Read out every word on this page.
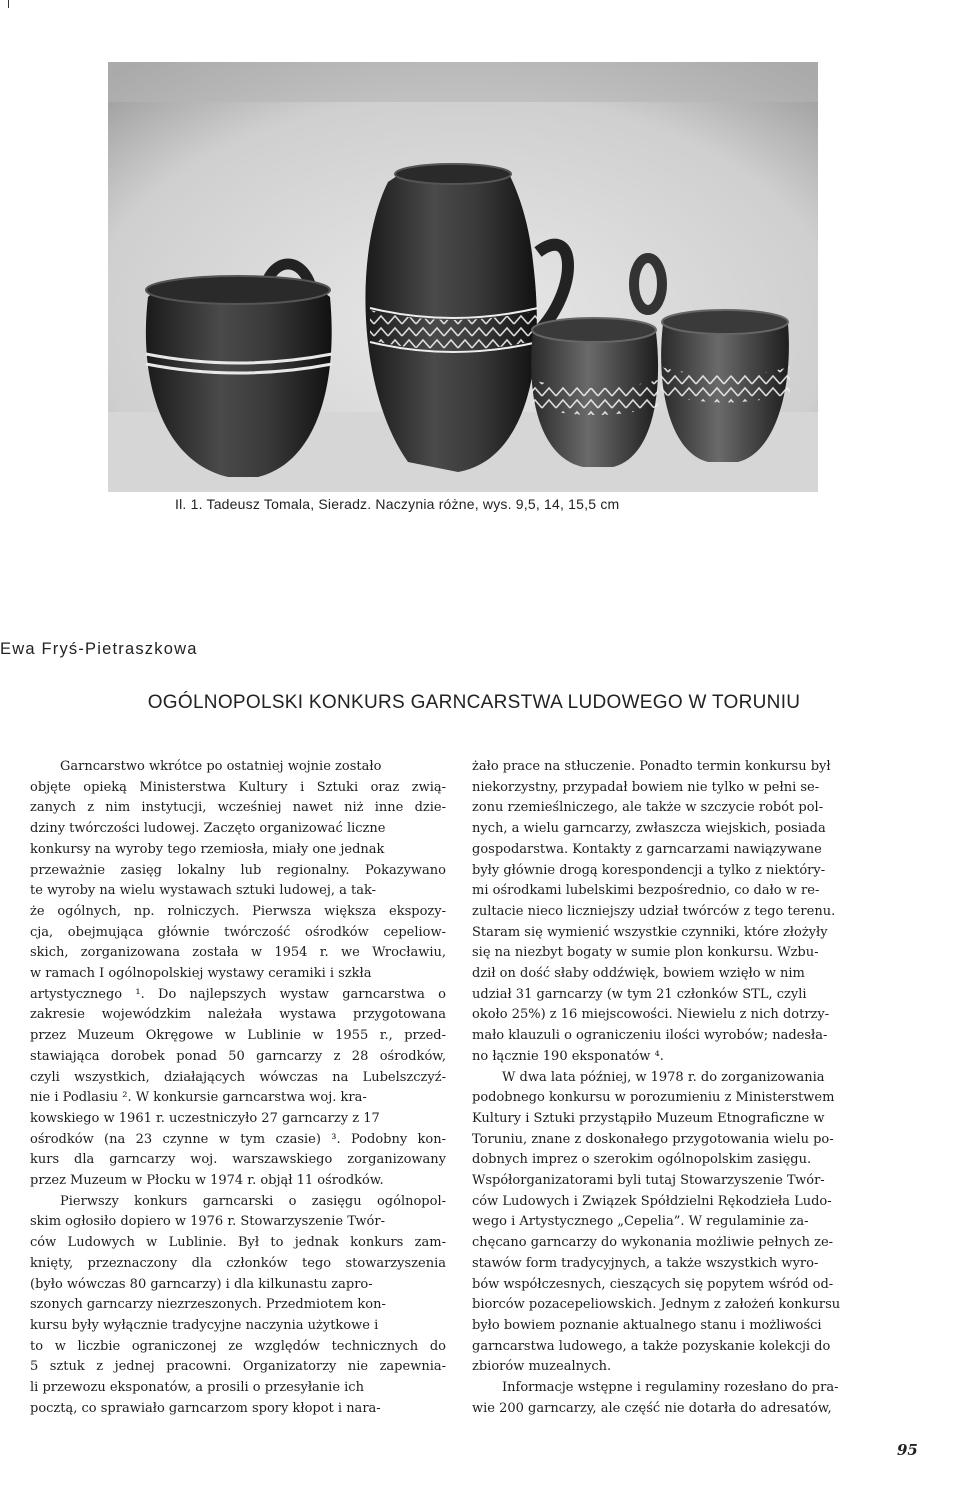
Il. 1. Tadeusz Tomala, Sieradz. Naczynia różne, wys. 9,5, 14, 15,5 cm
Ewa Fryś-Pietraszkowa
OGÓLNOPOLSKI KONKURS GARNCARSTWA LUDOWEGO W TORUNIU
Garncarstwo wkrótce po ostatniej wojnie zostało
objęte opieką Ministerstwa Kultury i Sztuki oraz zwią-
zanych z nim instytucji, wcześniej nawet niż inne dzie-
dziny twórczości ludowej. Zaczęto organizować liczne
konkursy na wyroby tego rzemiosła, miały one jednak
przeważnie zasięg lokalny lub regionalny. Pokazywano
te wyroby na wielu wystawach sztuki ludowej, a tak-
że ogólnych, np. rolniczych. Pierwsza większa ekspozy-
cja, obejmująca głównie twórczość ośrodków cepeliow-
skich, zorganizowana została w 1954 r. we Wrocławiu,
w ramach I ogólnopolskiej wystawy ceramiki i szkła
artystycznego ¹. Do najlepszych wystaw garncarstwa o
zakresie wojewódzkim należała wystawa przygotowana
przez Muzeum Okręgowe w Lublinie w 1955 r., przed-
stawiająca dorobek ponad 50 garncarzy z 28 ośrodków,
czyli wszystkich, działających wówczas na Lubelszczyź-
nie i Podlasiu ². W konkursie garncarstwa woj. kra-
kowskiego w 1961 r. uczestniczyło 27 garncarzy z 17
ośrodków (na 23 czynne w tym czasie) ³. Podobny kon-
kurs dla garncarzy woj. warszawskiego zorganizowany
przez Muzeum w Płocku w 1974 r. objął 11 ośrodków.
Pierwszy konkurs garncarski o zasięgu ogólnopol-
skim ogłosiło dopiero w 1976 r. Stowarzyszenie Twór-
ców Ludowych w Lublinie. Był to jednak konkurs zam-
knięty, przeznaczony dla członków tego stowarzyszenia
(było wówczas 80 garncarzy) i dla kilkunastu zapro-
szonych garncarzy niezrzeszonych. Przedmiotem kon-
kursu były wyłącznie tradycyjne naczynia użytkowe i
to w liczbie ograniczonej ze względów technicznych do
5 sztuk z jednej pracowni. Organizatorzy nie zapewnia-
li przewozu eksponatów, a prosili o przesyłanie ich
pocztą, co sprawiało garncarzom spory kłopot i nara-
żało prace na stłuczenie. Ponadto termin konkursu był
niekorzystny, przypadał bowiem nie tylko w pełni se-
zonu rzemieślniczego, ale także w szczycie robót pol-
nych, a wielu garncarzy, zwłaszcza wiejskich, posiada
gospodarstwa. Kontakty z garncarzami nawiązywane
były głównie drogą korespondencji a tylko z niektóry-
mi ośrodkami lubelskimi bezpośrednio, co dało w re-
zultacie nieco liczniejszy udział twórców z tego terenu.
Staram się wymienić wszystkie czynniki, które złożyły
się na niezbyt bogaty w sumie plon konkursu. Wzbu-
dził on dość słaby oddźwięk, bowiem wzięło w nim
udział 31 garncarzy (w tym 21 członków STL, czyli
około 25%) z 16 miejscowości. Niewielu z nich dotrzy-
mało klauzuli o ograniczeniu ilości wyrobów; nadesła-
no łącznie 190 eksponatów ⁴.
W dwa lata później, w 1978 r. do zorganizowania
podobnego konkursu w porozumieniu z Ministerstwem
Kultury i Sztuki przystąpiło Muzeum Etnograficzne w
Toruniu, znane z doskonałego przygotowania wielu po-
dobnych imprez o szerokim ogólnopolskim zasięgu.
Współorganizatorami byli tutaj Stowarzyszenie Twór-
ców Ludowych i Związek Spółdzielni Rękodzieła Ludo-
wego i Artystycznego „Cepelia”. W regulaminie za-
chęcano garncarzy do wykonania możliwie pełnych ze-
stawów form tradycyjnych, a także wszystkich wyro-
bów współczesnych, cieszących się popytem wśród od-
biorców pozacepeliowskich. Jednym z założeń konkursu
było bowiem poznanie aktualnego stanu i możliwości
garncarstwa ludowego, a także pozyskanie kolekcji do
zbiorów muzealnych.
Informacje wstępne i regulaminy rozesłano do pra-
wie 200 garncarzy, ale część nie dotarła do adresatów,
95
